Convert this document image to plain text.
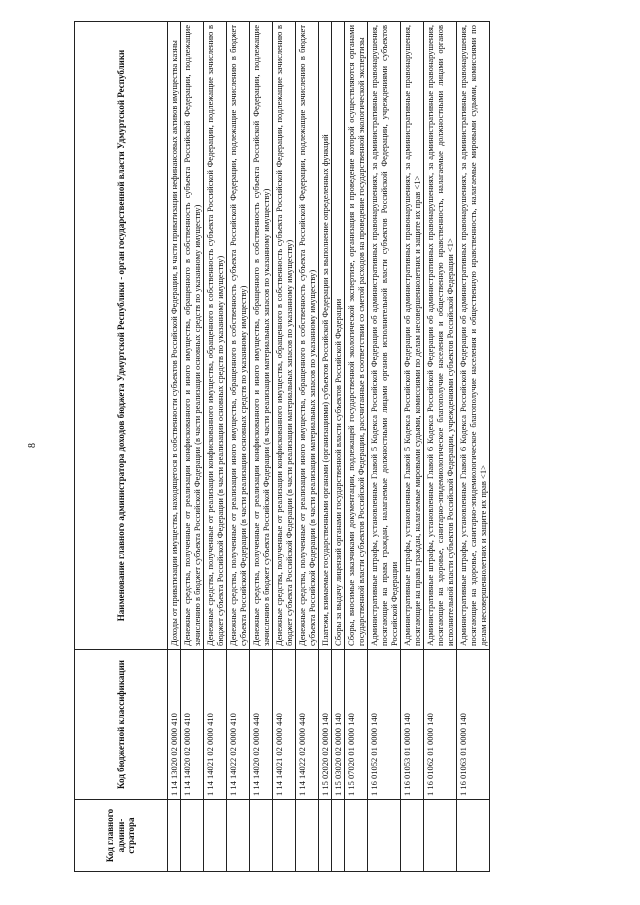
8
Код главного админи-стратора	Код бюджетной классификации	Наименование главного администратора доходов бюджета Удмуртской Республики - орган государственной власти Удмуртской Республики
	1 14 13020 02 0000 410	Доходы от приватизации имущества, находящегося в собственности субъектов Российской Федерации, в части приватизации нефинансовых активов имущества казны
	1 14 14020 02 0000 410	Денежные средства, полученные от реализации конфискованного и иного имущества, обращенного в собственность субъекта Российской Федерации, подлежащие зачислению в бюджет субъекта Российской Федерации (в части реализации основных средств по указанному имуществу)
	1 14 14021 02 0000 410	Денежные средства, полученные от реализации конфискованного имущества, обращенного в собственность субъекта Российской Федерации, подлежащие зачислению в бюджет субъекта Российской Федерации (в части реализации основных средств по указанному имуществу)
	1 14 14022 02 0000 410	Денежные средства, полученные от реализации иного имущества, обращенного в собственность субъекта Российской Федерации, подлежащие зачислению в бюджет субъекта Российской Федерации (в части реализации основных средств по указанному имуществу)
	1 14 14020 02 0000 440	Денежные средства, полученные от реализации конфискованного и иного имущества, обращенного в собственность субъекта Российской Федерации, подлежащие зачислению в бюджет субъекта Российской Федерации (в части реализации материальных запасов по указанному имуществу)
	1 14 14021 02 0000 440	Денежные средства, полученные от реализации конфискованного имущества, обращенного в собственность субъекта Российской Федерации, подлежащие зачислению в бюджет субъекта Российской Федерации (в части реализации материальных запасов по указанному имуществу)
	1 14 14022 02 0000 440	Денежные средства, полученные от реализации иного имущества, обращенного в собственность субъекта Российской Федерации, подлежащие зачислению в бюджет субъекта Российской Федерации (в части реализации материальных запасов по указанному имуществу)
	1 15 02020 02 0000 140	Платежи, взимаемые государственными органами (организациями) субъектов Российской Федерации за выполнение определенных функций
	1 15 03020 02 0000 140	Сборы за выдачу лицензий органами государственной власти субъектов Российской Федерации
	1 15 07020 01 0000 140	Сборы, вносимые заказчиками документации, подлежащей государственной экологической экспертизе, организация и проведение которой осуществляются органами государственной власти субъектов Российской Федерации, рассчитанные в соответствии со сметой расходов на проведение государственной экологической экспертизы
	1 16 01052 01 0000 140	Административные штрафы, установленные Главой 5 Кодекса Российской Федерации об административных правонарушениях, за административные правонарушения, посягающие на права граждан, налагаемые должностными лицами органов исполнительной власти субъектов Российской Федерации, учреждениями субъектов Российской Федерации
	1 16 01053 01 0000 140	Административные штрафы, установленные Главой 5 Кодекса Российской Федерации об административных правонарушениях, за административные правонарушения, посягающие на права граждан, налагаемые мировыми судьями, комиссиями по делам несовершеннолетних и защите их прав <1>
	1 16 01062 01 0000 140	Административные штрафы, установленные Главой 6 Кодекса Российской Федерации об административных правонарушениях, за административные правонарушения, посягающие на здоровье, санитарно-эпидемиологическое благополучие населения и общественную нравственность, налагаемые должностными лицами органов исполнительной власти субъектов Российской Федерации, учреждениями субъектов Российской Федерации <1>
	1 16 01063 01 0000 140	Административные штрафы, установленные Главой 6 Кодекса Российской Федерации об административных правонарушениях, за административные правонарушения, посягающие на здоровье, санитарно-эпидемиологическое благополучие населения и общественную нравственность, налагаемые мировыми судьями, комиссиями по делам несовершеннолетних и защите их прав <1>
